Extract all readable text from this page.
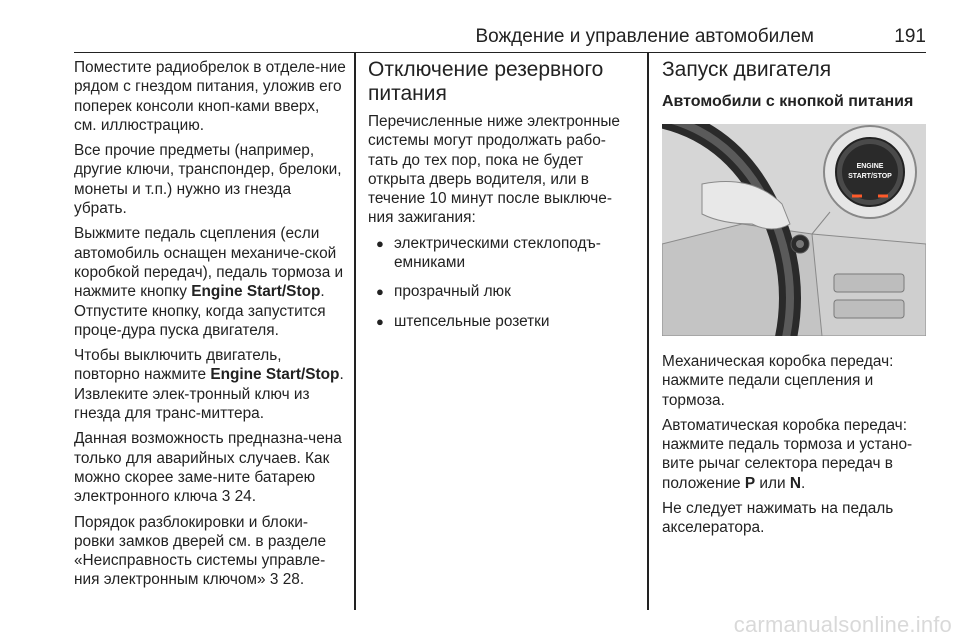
Вождение и управление автомобилем	191

Поместите радиобрелок в отделе-ние рядом с гнездом питания, уложив его поперек консоли кноп-ками вверх, см. иллюстрацию.

Все прочие предметы (например, другие ключи, транспондер, брелоки, монеты и т.п.) нужно из гнезда убрать.

Выжмите педаль сцепления (если автомобиль оснащен механиче-ской коробкой передач), педаль тормоза и нажмите кнопку Engine Start/Stop. Отпустите кнопку, когда запустится проце-дура пуска двигателя.

Чтобы выключить двигатель, повторно нажмите Engine Start/Stop. Извлеките элек-тронный ключ из гнезда для транс-миттера.

Данная возможность предназна-чена только для аварийных случаев. Как можно скорее заме-ните батарею электронного ключа 3 24.

Порядок разблокировки и блоки-ровки замков дверей см. в разделе «Неисправность системы управле-ния электронным ключом» 3 28.

Отключение резервного питания

Перечисленные ниже электронные системы могут продолжать рабо-тать до тех пор, пока не будет открыта дверь водителя, или в течение 10 минут после выключе-ния зажигания:

● электрическими стеклоподъ-емниками
● прозрачный люк
● штепсельные розетки
Запуск двигателя
Автомобили с кнопкой питания
ENGINE
START/STOP

Механическая коробка передач: нажмите педали сцепления и тормоза.

Автоматическая коробка передач: нажмите педаль тормоза и устано-вите рычаг селектора передач в положение P или N.

Не следует нажимать на педаль акселератора.

carmanualsonline.info
